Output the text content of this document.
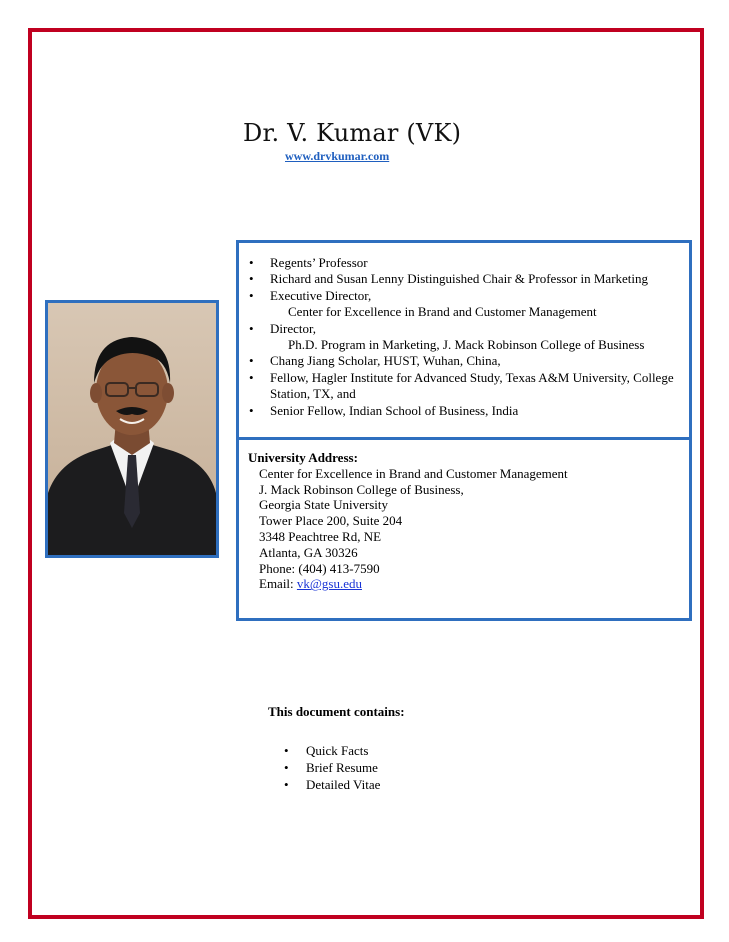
Dr. V. Kumar (VK)
www.drvkumar.com
• Regents’ Professor
• Richard and Susan Lenny Distinguished Chair & Professor in Marketing
• Executive Director,
Center for Excellence in Brand and Customer Management
• Director,
Ph.D. Program in Marketing, J. Mack Robinson College of Business
• Chang Jiang Scholar, HUST, Wuhan, China,
• Fellow, Hagler Institute for Advanced Study, Texas A&M University, College Station, TX, and
• Senior Fellow, Indian School of Business, India
University Address:
Center for Excellence in Brand and Customer Management
J. Mack Robinson College of Business,
Georgia State University
Tower Place 200, Suite 204
3348 Peachtree Rd, NE
Atlanta, GA 30326
Phone: (404) 413-7590
Email: vk@gsu.edu
This document contains:
• Quick Facts
• Brief Resume
• Detailed Vitae
